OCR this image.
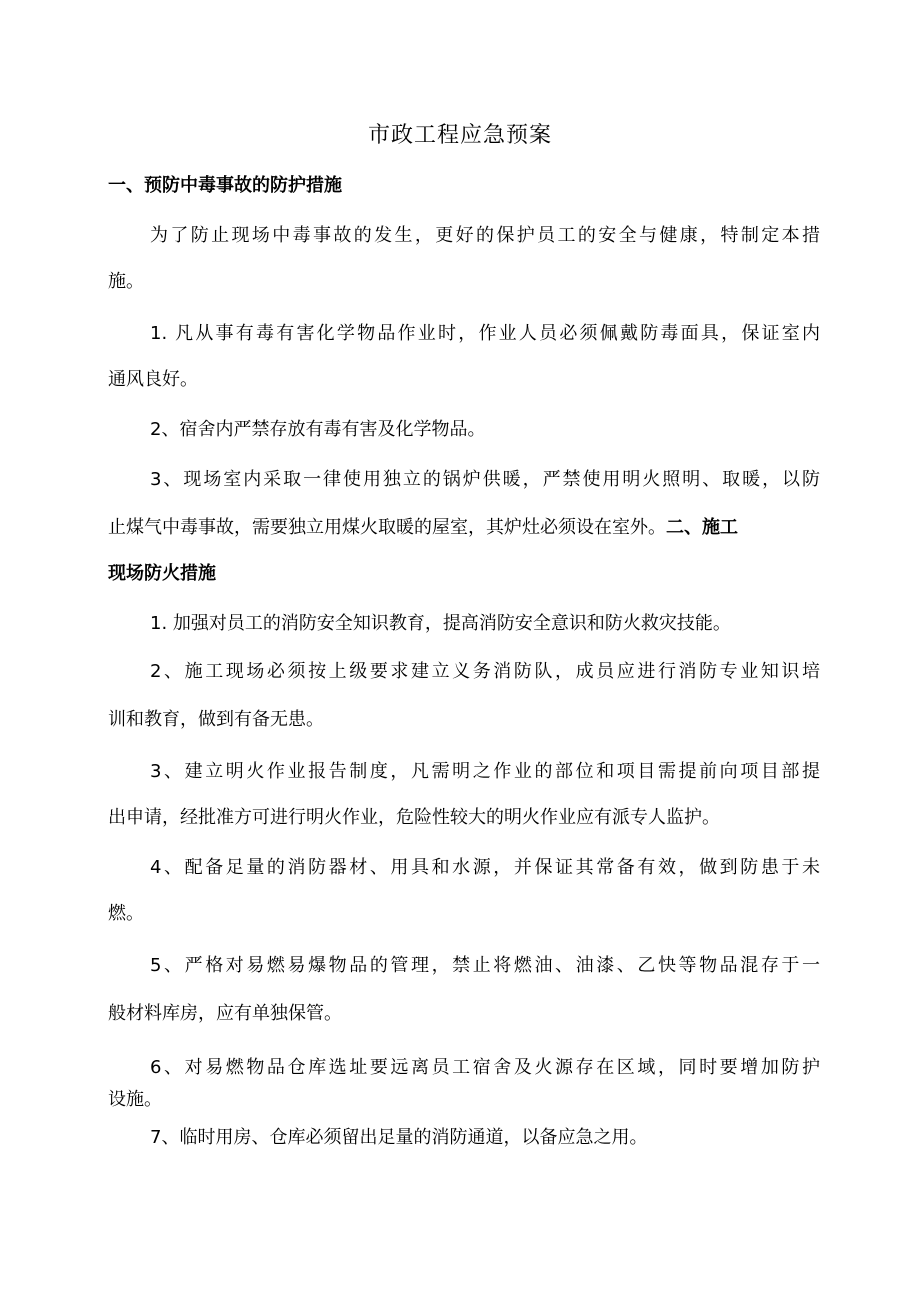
市政工程应急预案

一、预防中毒事故的防护措施

为了防止现场中毒事故的发生，更好的保护员工的安全与健康，特制定本措

施。

1. 凡从事有毒有害化学物品作业时，作业人员必须佩戴防毒面具，保证室内

通风良好。

2、宿舍内严禁存放有毒有害及化学物品。

3、现场室内采取一律使用独立的锅炉供暖，严禁使用明火照明、取暖，以防

止煤气中毒事故，需要独立用煤火取暖的屋室，其炉灶必须设在室外。二、施工

现场防火措施

1. 加强对员工的消防安全知识教育，提高消防安全意识和防火救灾技能。

2、施工现场必须按上级要求建立义务消防队，成员应进行消防专业知识培

训和教育，做到有备无患。

3、建立明火作业报告制度，凡需明之作业的部位和项目需提前向项目部提

出申请，经批准方可进行明火作业，危险性较大的明火作业应有派专人监护。

4、配备足量的消防器材、用具和水源，并保证其常备有效，做到防患于未

燃。

5、严格对易燃易爆物品的管理，禁止将燃油、油漆、乙快等物品混存于一

般材料库房，应有单独保管。

6、对易燃物品仓库选址要远离员工宿舍及火源存在区域，同时要增加防护

设施。

7、临时用房、仓库必须留出足量的消防通道，以备应急之用。
